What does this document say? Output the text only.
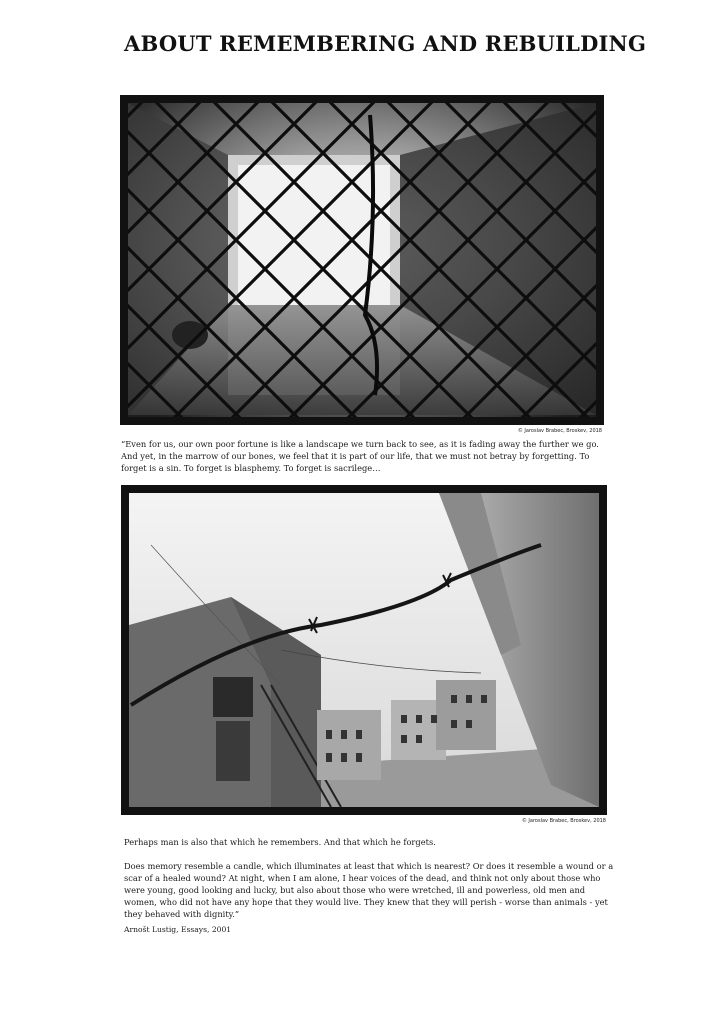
ABOUT REMEMBERING AND REBUILDING
© Jaroslav Brabec, Broskev, 2018

“Even for us, our own poor fortune is like a landscape we turn back to see, as it is fading away the further we go. And yet, in the marrow of our bones, we feel that it is part of our life, that we must not betray by forgetting. To forget is a sin. To forget is blasphemy. To forget is sacrilege…

© Jaroslav Brabec, Broskev, 2018

Perhaps man is also that which he remembers. And that which he forgets.

Does memory resemble a candle, which illuminates at least that which is nearest? Or does it resemble a wound or a scar of a healed wound? At night, when I am alone, I hear voices of the dead, and think not only about those who were young, good looking and lucky, but also about those who were wretched, ill and powerless, old men and women, who did not have any hope that they would live. They knew that they will perish - worse than animals - yet they behaved with dignity.”

Arnošt Lustig, Essays, 2001
